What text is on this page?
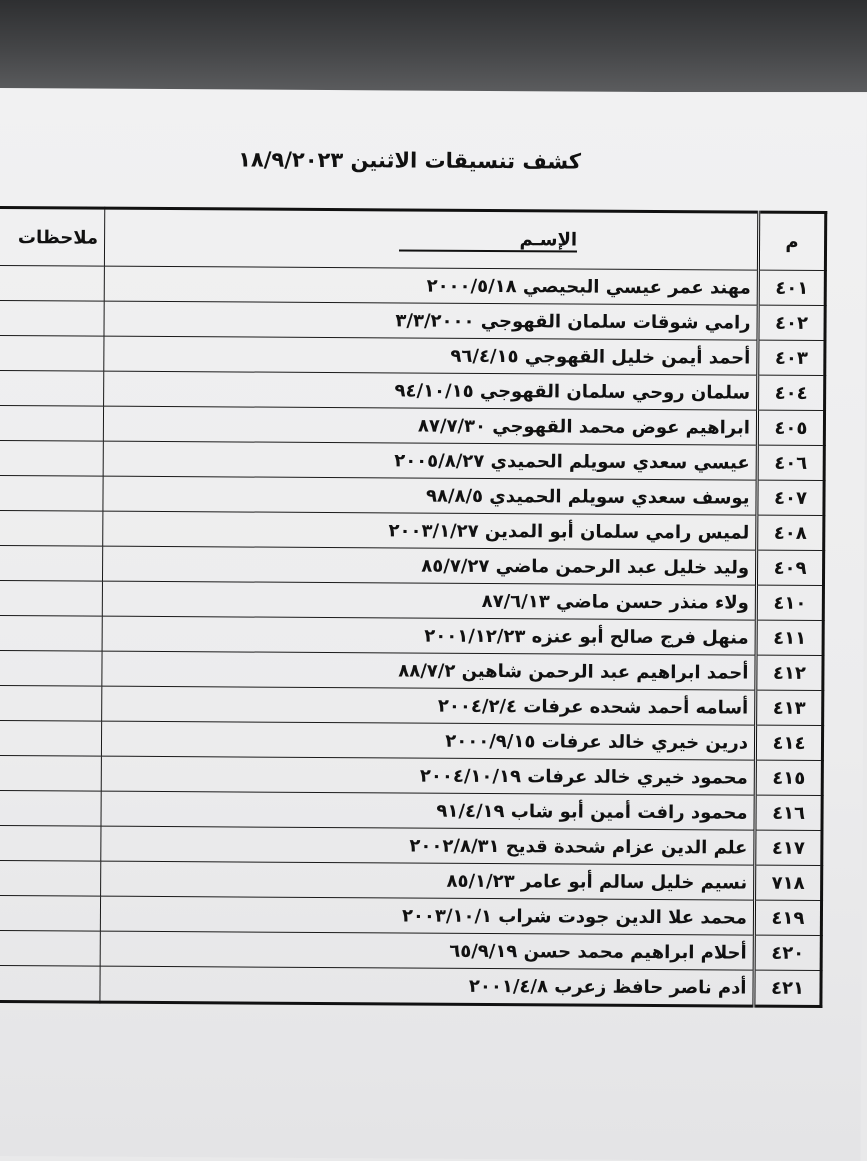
كشف تنسيقات الاثنين ١٨/٩/٢٠٢٣
م	الإسـم	ملاحظات
٤٠١	مهند عمر عيسي البحيصي ٢٠٠٠/٥/١٨	
٤٠٢	رامي شوقات سلمان القهوجي ٣/٣/٢٠٠٠	
٤٠٣	أحمد أيمن خليل القهوجي ٩٦/٤/١٥	
٤٠٤	سلمان روحي سلمان القهوجي ٩٤/١٠/١٥	
٤٠٥	ابراهيم عوض محمد القهوجي ٨٧/٧/٣٠	
٤٠٦	عيسي سعدي سويلم الحميدي ٢٠٠٥/٨/٢٧	
٤٠٧	يوسف سعدي سويلم الحميدي ٩٨/٨/٥	
٤٠٨	لميس رامي سلمان أبو المدين ٢٠٠٣/١/٢٧	
٤٠٩	وليد خليل عبد الرحمن ماضي ٨٥/٧/٢٧	
٤١٠	ولاء منذر حسن ماضي ٨٧/٦/١٣	
٤١١	منهل فرج صالح أبو عنزه ٢٠٠١/١٢/٢٣	
٤١٢	أحمد ابراهيم عبد الرحمن شاهين ٨٨/٧/٢	
٤١٣	أسامه أحمد شحده عرفات ٢٠٠٤/٢/٤	
٤١٤	درين خيري خالد عرفات ٢٠٠٠/٩/١٥	
٤١٥	محمود خيري خالد عرفات ٢٠٠٤/١٠/١٩	
٤١٦	محمود رافت أمين أبو شاب ٩١/٤/١٩	
٤١٧	علم الدين عزام شحدة قديح ٢٠٠٢/٨/٣١	
٧١٨	نسيم خليل سالم أبو عامر ٨٥/١/٢٣	
٤١٩	محمد علا الدين جودت شراب ٢٠٠٣/١٠/١	
٤٢٠	أحلام ابراهيم محمد حسن ٦٥/٩/١٩	
٤٢١	أدم ناصر حافظ زعرب ٢٠٠١/٤/٨	
